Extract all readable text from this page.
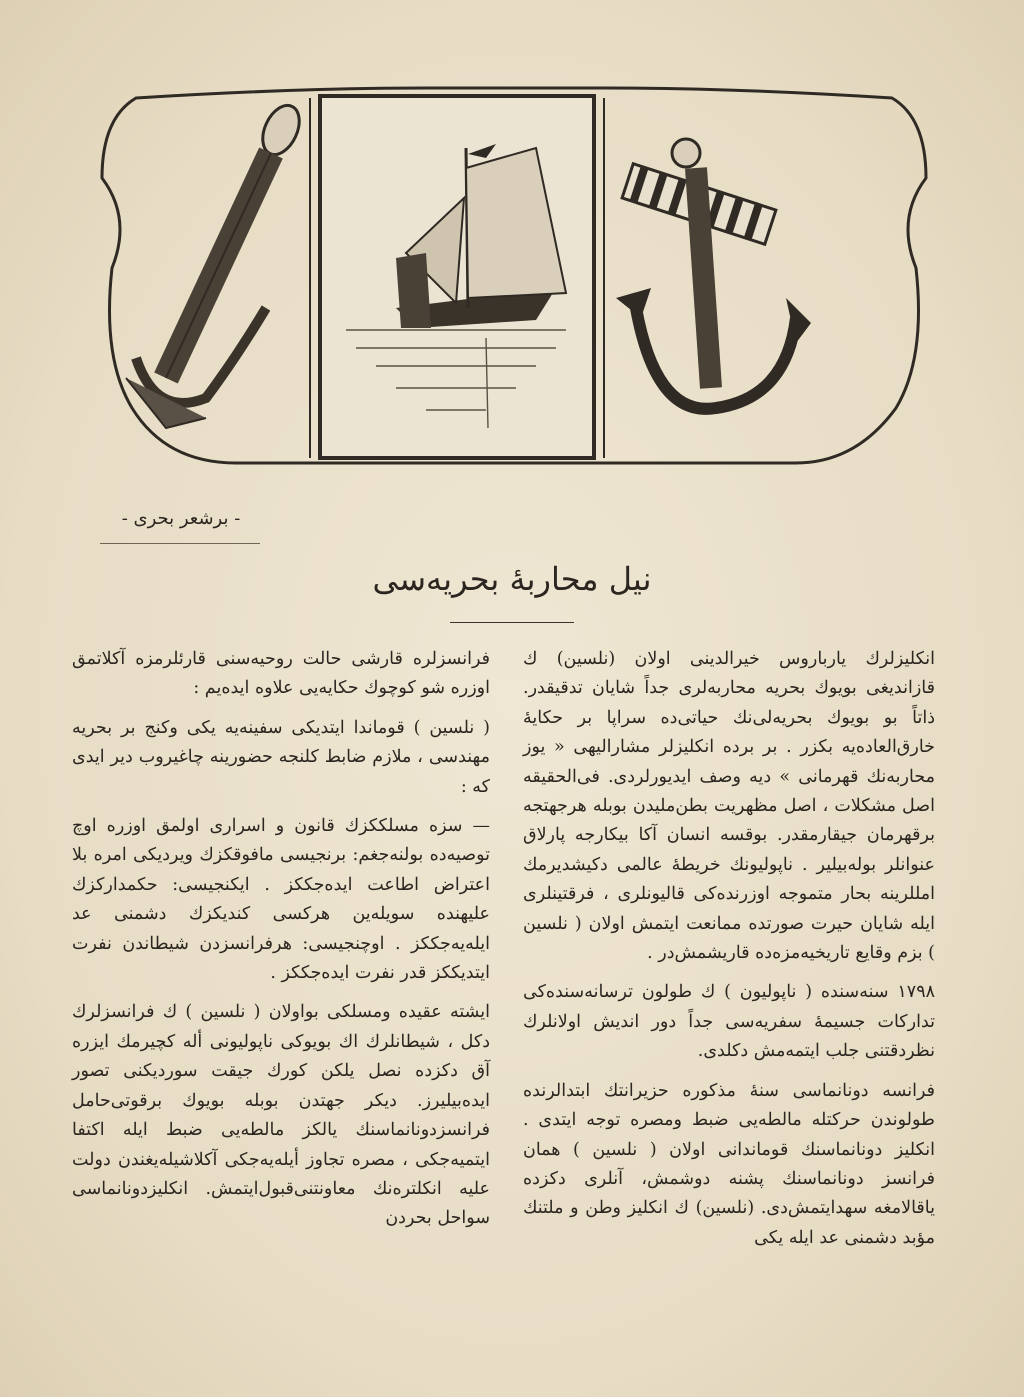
- برشعر بحری -
نیل محاربهٔ بحریه‌سی

انکلیزلرك یارباروس خیرالدینی اولان (نلسین) ك قازاندیغی بویوك بحریه محاربه‌لری جداً شایان تدقیقدر. ذاتاً بو بویوك بحریه‌لی‌نك حیاتی‌ده سراپا بر حکایهٔ خارق‌العاده‌یه بکزر . بر برده انکلیزلر مشارالیهی « یوز محاربه‌نك قهرمانی » دیه وصف ایدیورلردی. فی‌الحقیقه اصل مشکلات ، اصل مظهریت بطن‌ملیدن بوبله هرجهتجه برقهرمان جیقارمقدر. بوقسه انسان آکا بیکارجه پارلاق عنوانلر بوله‌بیلیر . ناپولیونك خریطهٔ عالمی دکیشدیرمك امللرینه بحار متموجه اوزرنده‌کی قالیونلری ، فرقتینلری ایله شایان حیرت صورتده ممانعت ایتمش اولان ( نلسین ) بزم وقایع تاریخیه‌مزه‌ده قاریشمش‌در .

۱۷۹۸ سنه‌سنده ( ناپولیون ) ك طولون ترسانه‌سنده‌کی تدارکات جسیمهٔ سفریه‌سی جداً دور اندیش اولانلرك نظردقتنی جلب ایتمه‌مش دکلدی.

فرانسه دونانماسی سنهٔ مذکوره حزیرانتك ابتدالرنده طولوندن حرکتله مالطه‌یی ضبط ومصره توجه ایتدی . انکلیز دونانماسنك قوماندانی اولان ( نلسین ) همان فرانسز دونانماسنك پشنه دوشمش، آنلری دکزده یاقالامغه سهدایتمش‌دی. (نلسین) ك انکلیز وطن و ملتنك مؤبد دشمنی عد ایله یکی

فرانسزلره قارشی حالت روحیه‌سنی قارئلرمزه آکلاتمق اوزره شو کوچوك حکایه‌یی علاوه ایده‌یم :

( نلسین ) قوماندا ایتدیکی سفینه‌یه یکی وکنج بر بحریه مهندسی ، ملازم ضابط کلنجه حضورینه چاغیروب دیر ایدی که :

— سزه مسلککزك قانون و اسراری اولمق اوزره اوچ توصیه‌ده بولنه‌جغم: برنجیسی مافوقکزك ویردیکی امره بلا اعتراض اطاعت ایده‌جککز . ایکنجیسی: حکمدارکزك علیهنده سویله‌ین هرکسی کندیکزك دشمنی عد ایله‌یه‌جککز . اوچنجیسی: هرفرانسزدن شیطاندن نفرت ایتدیککز قدر نفرت ایده‌جککز .

ایشته عقیده ومسلکی بواولان ( نلسین ) ك فرانسزلرك دکل ، شیطانلرك اك بویوکی ناپولیونی أله کچیرمك ا‌یزره آق دکزده نصل یلکن کورك جیقت سوردیکنی تصور ایده‌بیلیرز. دیکر جهتدن بوبله بویوك برقوتی‌حامل فرانسزدونانماسنك یالکز مالطه‌یی ضبط ایله اکتفا ایتمیه‌جکی ، مصره تجاوز أیله‌یه‌جکی آکلاشیله‌یغندن دولت علیه انکلتره‌نك معاونتنی‌قبول‌ایتمش. انکلیزدونانماسی سواحل بحردن
